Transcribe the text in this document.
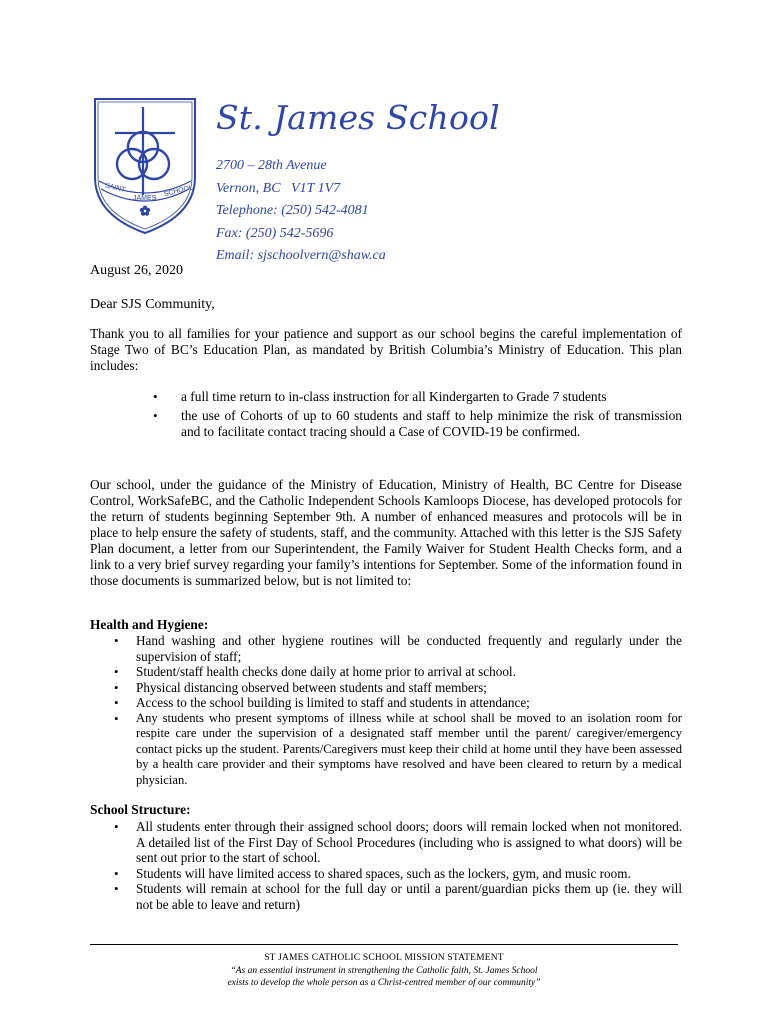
SAINT
JAMES
SCHOOL
St. James School
2700 – 28th Avenue
Vernon, BC   V1T 1V7
Telephone: (250) 542-4081
Fax: (250) 542-5696
Email: sjschoolvern@shaw.ca
August 26, 2020
Dear SJS Community,
Thank you to all families for your patience and support as our school begins the careful implementation of Stage Two of BC’s Education Plan, as mandated by British Columbia’s Ministry of Education. This plan includes:
• a full time return to in-class instruction for all Kindergarten to Grade 7 students
• the use of Cohorts of up to 60 students and staff to help minimize the risk of transmission and to facilitate contact tracing should a Case of COVID-19 be confirmed.
Our school, under the guidance of the Ministry of Education, Ministry of Health, BC Centre for Disease Control, WorkSafeBC, and the Catholic Independent Schools Kamloops Diocese, has developed protocols for the return of students beginning September 9th. A number of enhanced measures and protocols will be in place to help ensure the safety of students, staff, and the community. Attached with this letter is the SJS Safety Plan document, a letter from our Superintendent, the Family Waiver for Student Health Checks form, and a link to a very brief survey regarding your family’s intentions for September. Some of the information found in those documents is summarized below, but is not limited to:
Health and Hygiene:
• Hand washing and other hygiene routines will be conducted frequently and regularly under the supervision of staff;
• Student/staff health checks done daily at home prior to arrival at school.
• Physical distancing observed between students and staff members;
• Access to the school building is limited to staff and students in attendance;
• Any students who present symptoms of illness while at school shall be moved to an isolation room for respite care under the supervision of a designated staff member until the parent/ caregiver/emergency contact picks up the student. Parents/Caregivers must keep their child at home until they have been assessed by a health care provider and their symptoms have resolved and have been cleared to return by a medical physician.
School Structure:
• All students enter through their assigned school doors; doors will remain locked when not monitored. A detailed list of the First Day of School Procedures (including who is assigned to what doors) will be sent out prior to the start of school.
• Students will have limited access to shared spaces, such as the lockers, gym, and music room.
• Students will remain at school for the full day or until a parent/guardian picks them up (ie. they will not be able to leave and return)
ST JAMES CATHOLIC SCHOOL MISSION STATEMENT
“As an essential instrument in strengthening the Catholic faith, St. James School
exists to develop the whole person as a Christ-centred member of our community”
